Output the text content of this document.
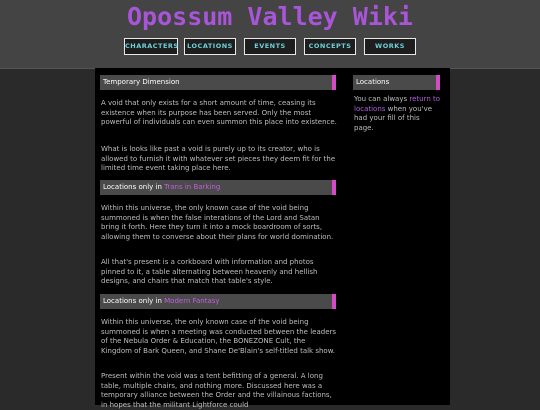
Opossum Valley Wiki
CHARACTERS	LOCATIONS	EVENTS	CONCEPTS	WORKS
Temporary Dimension

A void that only exists for a short amount of time, ceasing its existence when its purpose has been served. Only the most powerful of individuals can even summon this place into existence.

What is looks like past a void is purely up to its creator, who is allowed to furnish it with whatever set pieces they deem fit for the limited time event taking place here.

Locations only in Trans in Barking

Within this universe, the only known case of the void being summoned is when the false interations of the Lord and Satan bring it forth. Here they turn it into a mock boardroom of sorts, allowing them to converse about their plans for world domination.

All that's present is a corkboard with information and photos pinned to it, a table alternating between heavenly and hellish designs, and chairs that match that table's style.

Locations only in Modern Fantasy

Within this universe, the only known case of the void being summoned is when a meeting was conducted between the leaders of the Nebula Order & Education, the BONEZONE Cult, the Kingdom of Bark Queen, and Shane De'Blain's self-titled talk show.

Present within the void was a tent befitting of a general. A long table, multiple chairs, and nothing more. Discussed here was a temporary alliance between the Order and the villainous factions, in hopes that the militant Lightforce could

Locations

You can always return to locations when you've had your fill of this page.
